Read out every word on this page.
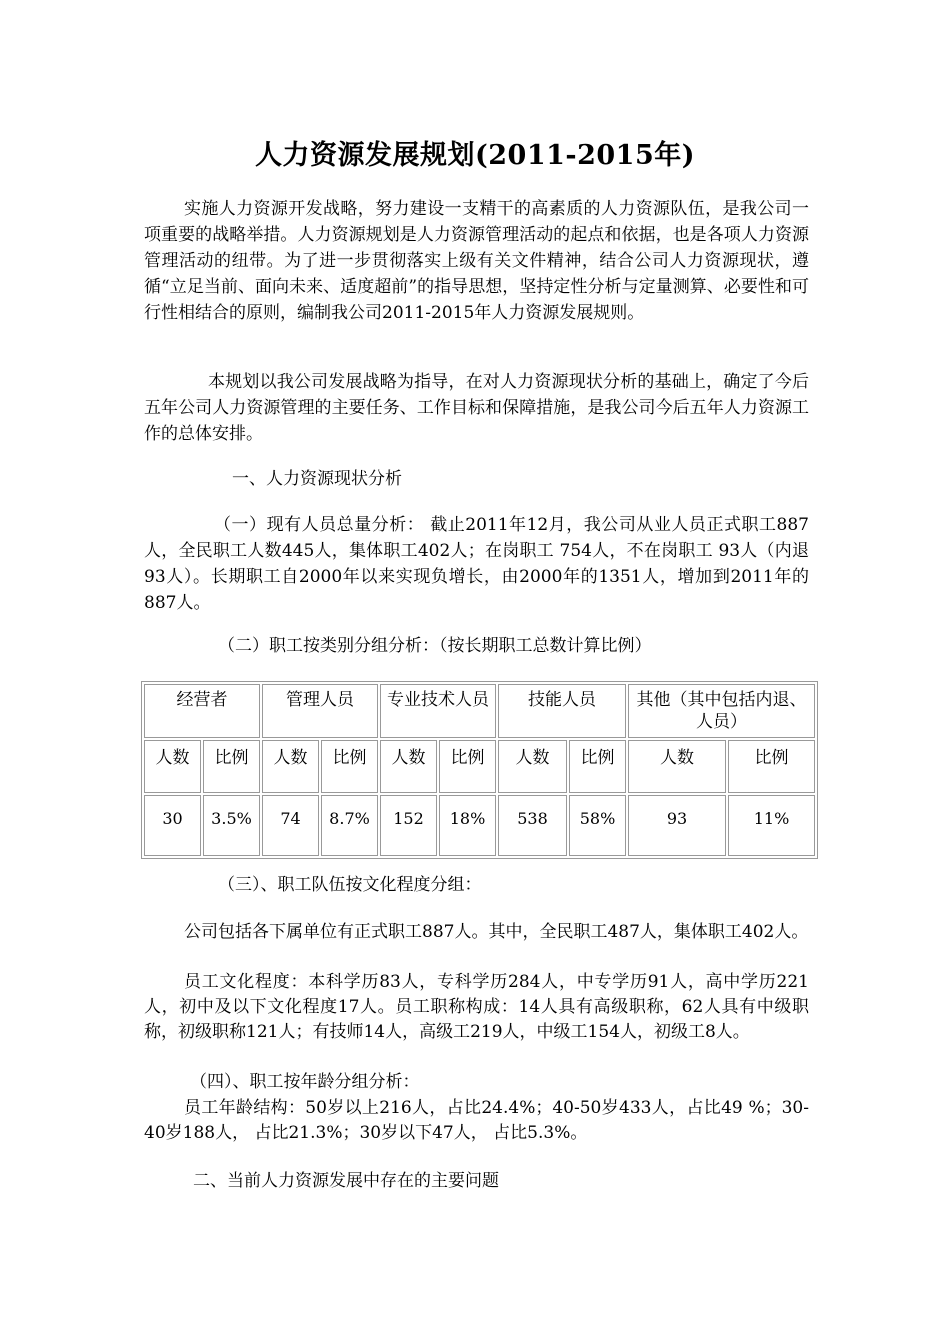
人力资源发展规划(2011-2015年)

实施人力资源开发战略，努力建设一支精干的高素质的人力资源队伍，是我公司一项重要的战略举措。人力资源规划是人力资源管理活动的起点和依据，也是各项人力资源管理活动的纽带。为了进一步贯彻落实上级有关文件精神，结合公司人力资源现状，遵循“立足当前、面向未来、适度超前”的指导思想，坚持定性分析与定量测算、必要性和可行性相结合的原则，编制我公司2011-2015年人力资源发展规则。

本规划以我公司发展战略为指导，在对人力资源现状分析的基础上，确定了今后五年公司人力资源管理的主要任务、工作目标和保障措施，是我公司今后五年人力资源工作的总体安排。

一、人力资源现状分析

（一）现有人员总量分析： 截止2011年12月，我公司从业人员正式职工887人，全民职工人数445人，集体职工402人；在岗职工 754人，不在岗职工 93人（内退93人）。长期职工自2000年以来实现负增长，由2000年的1351人，增加到2011年的 887人。

（二）职工按类别分组分析：（按长期职工总数计算比例）

经营者		管理人员		专业技术人员		技能人员		其他（其中包括内退、人员）	
人数	比例	人数	比例	人数	比例	人数	比例	人数	比例
30	3.5%	74	8.7%	152	18%	538	58%	93	11%

（三）、职工队伍按文化程度分组：

公司包括各下属单位有正式职工887人。其中，全民职工487人，集体职工402人。

员工文化程度：本科学历83人，专科学历284人，中专学历91人，高中学历221人，初中及以下文化程度17人。员工职称构成：14人具有高级职称，62人具有中级职称，初级职称121人；有技师14人，高级工219人，中级工154人，初级工8人。

（四）、职工按年龄分组分析：

员工年龄结构：50岁以上216人，占比24.4%；40-50岁433人，占比49 %；30-40岁188人， 占比21.3%；30岁以下47人， 占比5.3%。

二、当前人力资源发展中存在的主要问题
